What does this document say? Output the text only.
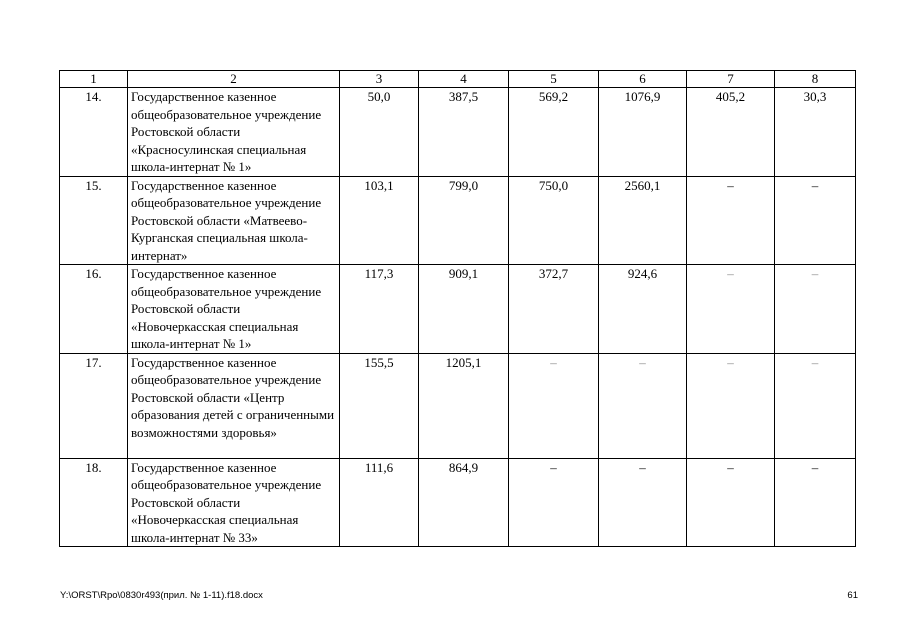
1	2	3	4	5	6	7	8
14.	Государственное казенное общеобразовательное учреждение Ростовской области «Красносулинская специальная школа-интернат № 1»	50,0	387,5	569,2	1076,9	405,2	30,3
15.	Государственное казенное общеобразовательное учреждение Ростовской области «Матвеево-Курганская специальная школа-интернат»	103,1	799,0	750,0	2560,1	–	–
16.	Государственное казенное общеобразовательное учреждение Ростовской области «Новочеркасская специальная школа-интернат № 1»	117,3	909,1	372,7	924,6	–	–
17.	Государственное казенное общеобразовательное учреждение Ростовской области «Центр образования детей с ограниченными возможностями здоровья»	155,5	1205,1	–	–	–	–
18.	Государственное казенное общеобразовательное учреждение Ростовской области «Новочеркасская специальная школа-интернат № 33»	111,6	864,9	–	–	–	–
Y:\ORST\Rpo\0830r493(прил. № 1-11).f18.docx	61
